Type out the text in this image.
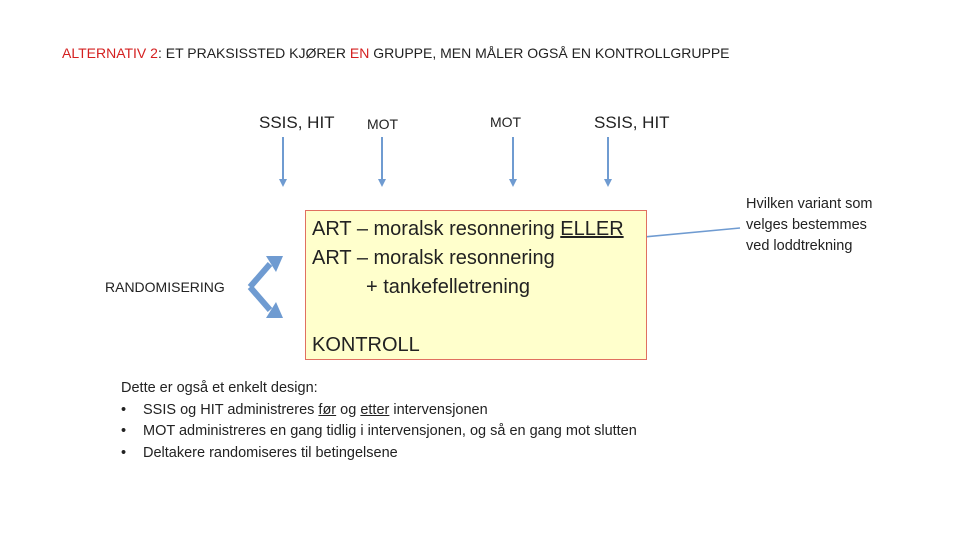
ALTERNATIV 2: ET PRAKSISSTED KJØRER EN GRUPPE, MEN MÅLER OGSÅ EN KONTROLLGRUPPE
SSIS, HIT MOT	MOT	SSIS, HIT
ART – moralsk resonnering ELLER
ART – moralsk resonnering
+ tankefelletrening
KONTROLL
RANDOMISERING
Hvilken variant som
velges bestemmes
ved loddtrekning
Dette er også et enkelt design:
• SSIS og HIT administreres før og etter intervensjonen
• MOT administreres en gang tidlig i intervensjonen, og så en gang mot slutten
• Deltakere randomiseres til betingelsene
